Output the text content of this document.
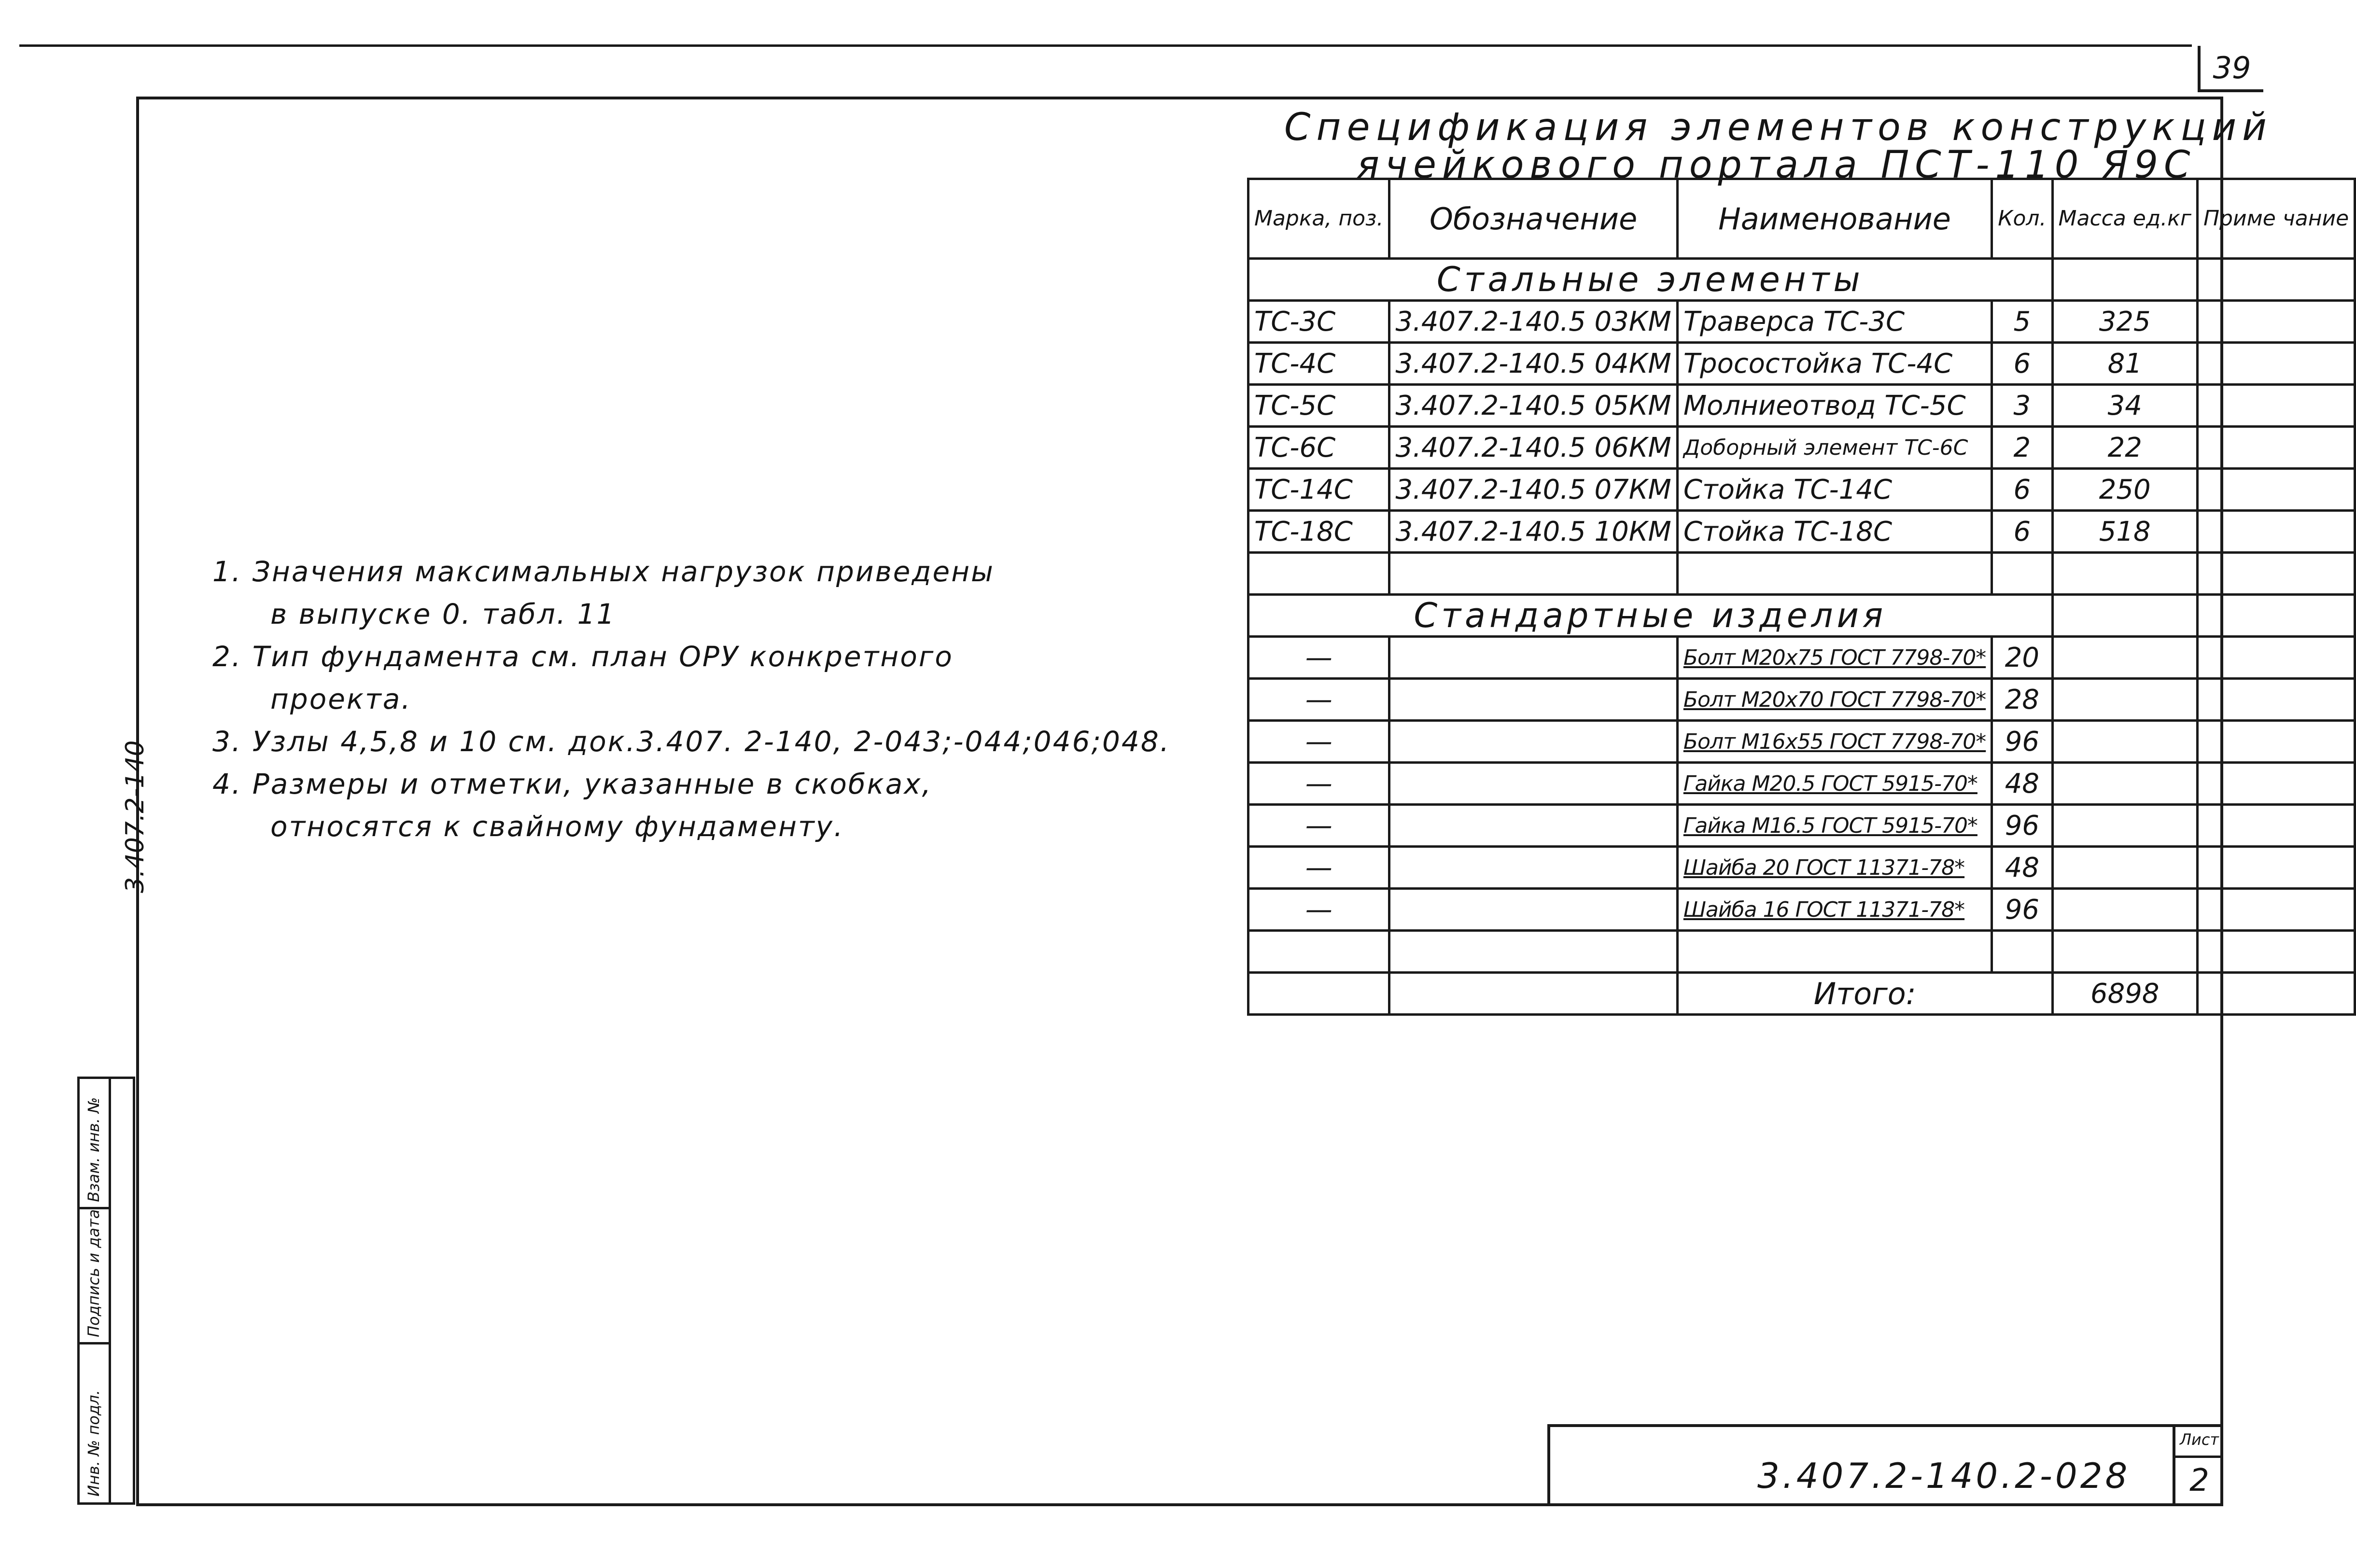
39
Спецификация элементов конструкций
ячейкового портала ПСТ-110 Я9С
Марка, поз.	Обозначение	Наименование	Кол.	Масса ед.кг	Приме чание
Стальные элементы					
ТС-3С	3.407.2-140.5 03КМ	Траверса ТС-3С	5	325	
ТС-4С	3.407.2-140.5 04КМ	Тросостойка ТС-4С	6	81	
ТС-5С	3.407.2-140.5 05КМ	Молниеотвод ТС-5С	3	34	
ТС-6С	3.407.2-140.5 06КМ	Доборный элемент ТС-6С	2	22	
ТС-14С	3.407.2-140.5 07КМ	Стойка ТС-14С	6	250	
ТС-18С	3.407.2-140.5 10КМ	Стойка ТС-18С	6	518	

Стандартные изделия					
—		Болт М20х75 ГОСТ 7798-70*	20		
—		Болт М20х70 ГОСТ 7798-70*	28		
—		Болт М16х55 ГОСТ 7798-70*	96		
—		Гайка М20.5 ГОСТ 5915-70*	48		
—		Гайка М16.5 ГОСТ 5915-70*	96		
—		Шайба 20 ГОСТ 11371-78*	48		
—		Шайба 16 ГОСТ 11371-78*	96		

		Итого:		6898	
1. Значения максимальных нагрузок приведены
в выпуске 0. табл. 11
2. Тип фундамента см. план ОРУ конкретного
проекта.
3. Узлы 4,5,8 и 10 см. док.3.407. 2-140, 2-043;-044;046;048.
4. Размеры и отметки, указанные в скобках,
относятся к свайному фундаменту.
3.407.2-140
Взам. инв. №
Подпись и дата
Инв. № подл.	3.407.2-140.2-028
Лист
2
